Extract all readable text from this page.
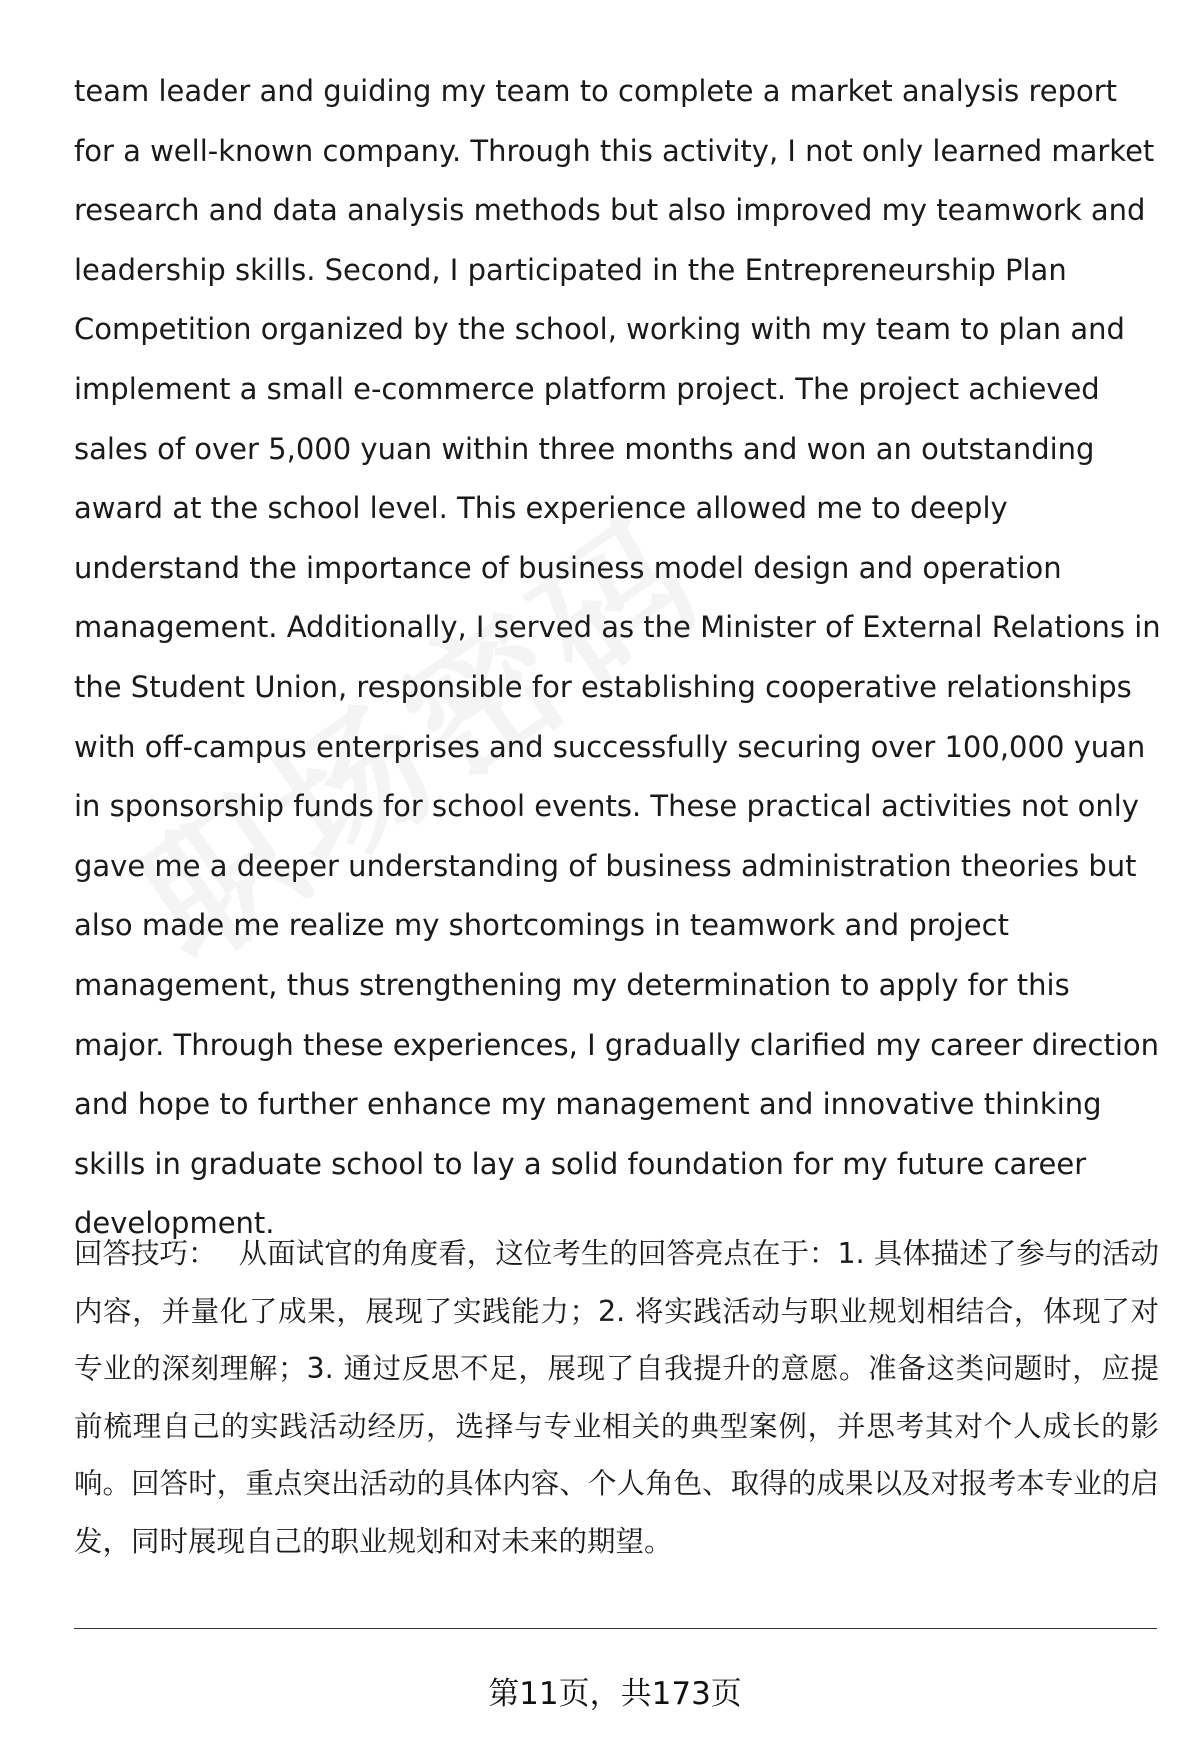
team leader and guiding my team to complete a market analysis report for a well-known company. Through this activity, I not only learned market research and data analysis methods but also improved my teamwork and leadership skills. Second, I participated in the Entrepreneurship Plan Competition organized by the school, working with my team to plan and implement a small e-commerce platform project. The project achieved sales of over 5,000 yuan within three months and won an outstanding award at the school level. This experience allowed me to deeply understand the importance of business model design and operation management. Additionally, I served as the Minister of External Relations in the Student Union, responsible for establishing cooperative relationships with off-campus enterprises and successfully securing over 100,000 yuan in sponsorship funds for school events. These practical activities not only gave me a deeper understanding of business administration theories but also made me realize my shortcomings in teamwork and project management, thus strengthening my determination to apply for this major. Through these experiences, I gradually clarified my career direction and hope to further enhance my management and innovative thinking skills in graduate school to lay a solid foundation for my future career development.

回答技巧： 从面试官的角度看，这位考生的回答亮点在于：1. 具体描述了参与的活动内容，并量化了成果，展现了实践能力；2. 将实践活动与职业规划相结合，体现了对专业的深刻理解；3. 通过反思不足，展现了自我提升的意愿。准备这类问题时，应提前梳理自己的实践活动经历，选择与专业相关的典型案例，并思考其对个人成长的影响。回答时，重点突出活动的具体内容、个人角色、取得的成果以及对报考本专业的启发，同时展现自己的职业规划和对未来的期望。

第11页，共173页
